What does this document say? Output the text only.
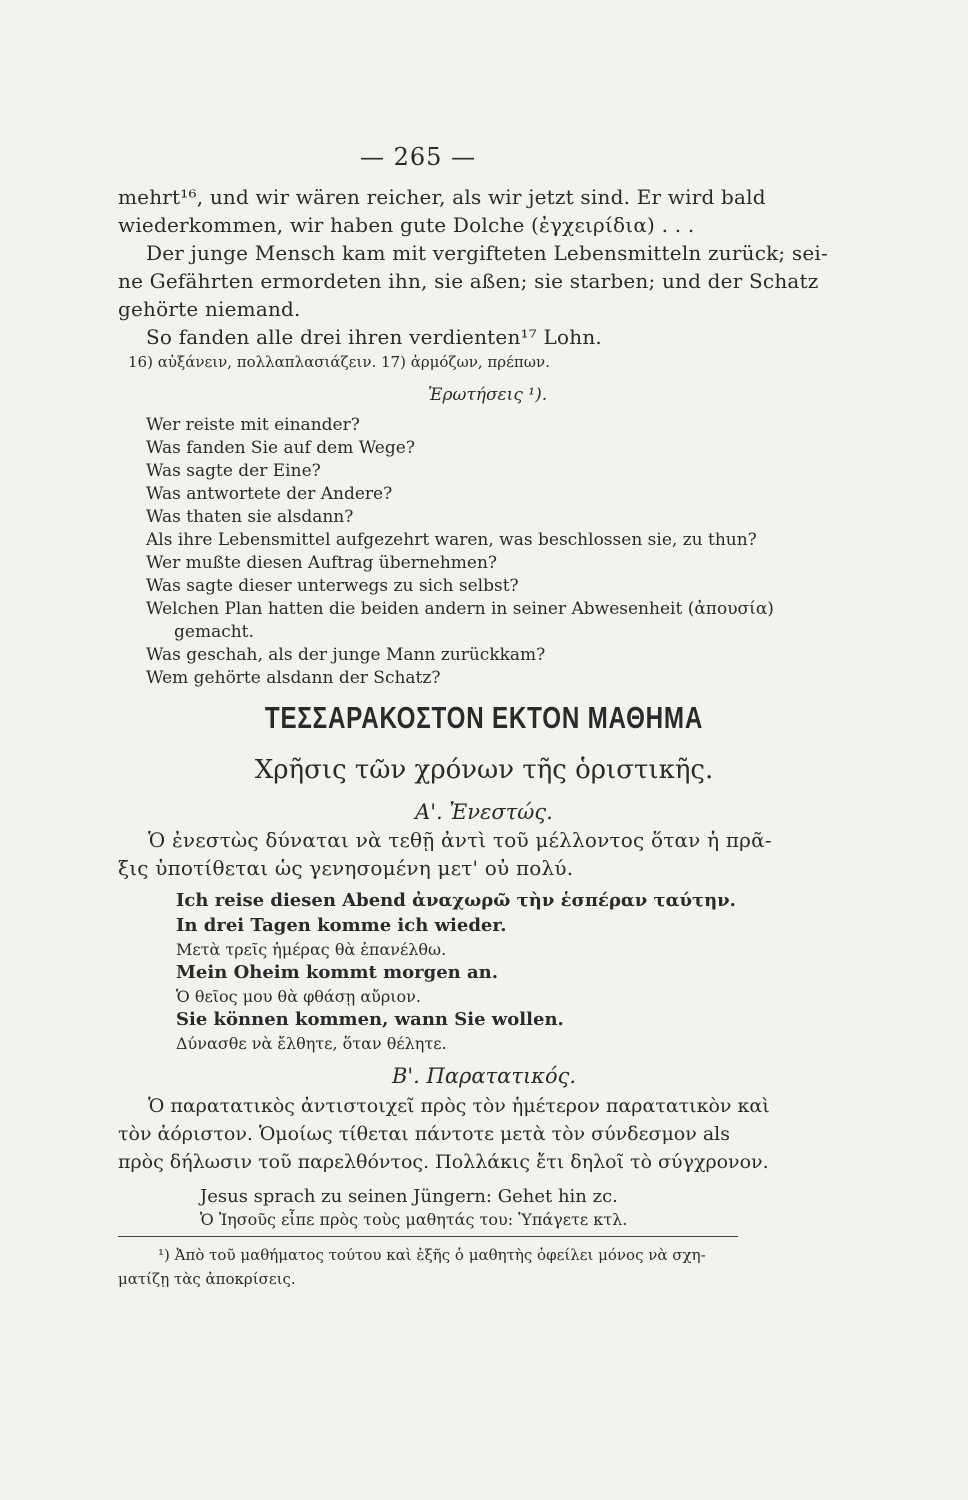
— 265 —

mehrt¹⁶, und wir wären reicher, als wir jetzt sind. Er wird bald

wiederkommen, wir haben gute Dolche (ἐγχειρίδια) . . .

Der junge Mensch kam mit vergifteten Lebensmitteln zurück; sei-

ne Gefährten ermordeten ihn, sie aßen; sie starben; und der Schatz

gehörte niemand.

So fanden alle drei ihren verdienten¹⁷ Lohn.

16) αὐξάνειν, πολλαπλασιάζειν. 17) ἁρμόζων, πρέπων.

Ἐρωτήσεις ¹).

Wer reiste mit einander?

Was fanden Sie auf dem Wege?

Was sagte der Eine?

Was antwortete der Andere?

Was thaten sie alsdann?

Als ihre Lebensmittel aufgezehrt waren, was beschlossen sie, zu thun?

Wer mußte diesen Auftrag übernehmen?

Was sagte dieser unterwegs zu sich selbst?

Welchen Plan hatten die beiden andern in seiner Abwesenheit (ἀπουσία)

gemacht.

Was geschah, als der junge Mann zurückkam?

Wem gehörte alsdann der Schatz?

ΤΕΣΣΑΡΑΚΟΣΤΟΝ ΕΚΤΟΝ ΜΑΘΗΜΑ

Χρῆσις τῶν χρόνων τῆς ὁριστικῆς.

Α'. Ἐνεστώς.

Ὁ ἐνεστὼς δύναται νὰ τεθῇ ἀντὶ τοῦ μέλλοντος ὅταν ἡ πρᾶ-

ξις ὑποτίθεται ὡς γενησομένη μετ' οὐ πολύ.

Ich reise diesen Abend ἀναχωρῶ τὴν ἑσπέραν ταύτην.

In drei Tagen komme ich wieder.

Μετὰ τρεῖς ἡμέρας θὰ ἐπανέλθω.

Mein Oheim kommt morgen an.

Ὁ θεῖος μου θὰ φθάσῃ αὔριον.

Sie können kommen, wann Sie wollen.

Δύνασθε νὰ ἔλθητε, ὅταν θέλητε.

Β'. Παρατατικός.

Ὁ παρατατικὸς ἀντιστοιχεῖ πρὸς τὸν ἡμέτερον παρατατικὸν καὶ

τὸν ἀόριστον. Ὁμοίως τίθεται πάντοτε μετὰ τὸν σύνδεσμον als

πρὸς δήλωσιν τοῦ παρελθόντος. Πολλάκις ἔτι δηλοῖ τὸ σύγχρονον.

Jesus sprach zu seinen Jüngern: Gehet hin zc.

Ὁ Ἰησοῦς εἶπε πρὸς τοὺς μαθητάς του: Ὑπάγετε κτλ.

¹) Ἀπὸ τοῦ μαθήματος τούτου καὶ ἑξῆς ὁ μαθητὴς ὀφείλει μόνος νὰ σχη-

ματίζῃ τὰς ἀποκρίσεις.
